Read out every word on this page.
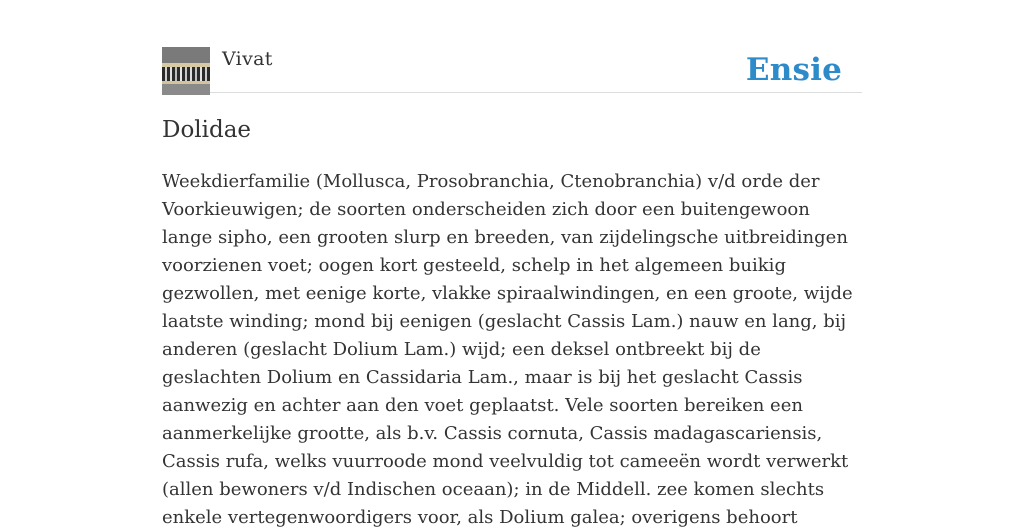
Vivat	Ensie
Dolidae

Weekdierfamilie (Mollusca, Prosobranchia, Ctenobranchia) v/d orde der Voorkieuwigen; de soorten onderscheiden zich door een buitengewoon lange sipho, een grooten slurp en breeden, van zijdelingsche uitbreidingen voorzienen voet; oogen kort gesteeld, schelp in het algemeen buikig gezwollen, met eenige korte, vlakke spiraalwindingen, en een groote, wijde laatste winding; mond bij eenigen (geslacht Cassis Lam.) nauw en lang, bij anderen (geslacht Dolium Lam.) wijd; een deksel ontbreekt bij de geslachten Dolium en Cassidaria Lam., maar is bij het geslacht Cassis aanwezig en achter aan den voet geplaatst. Vele soorten bereiken een aanmerkelijke grootte, als b.v. Cassis cornuta, Cassis madagascariensis, Cassis rufa, welks vuurroode mond veelvuldig tot cameeën wordt verwerkt (allen bewoners v/d Indischen oceaan); in de Middell. zee komen slechts enkele vertegenwoordigers voor, als Dolium galea; overigens behoort
